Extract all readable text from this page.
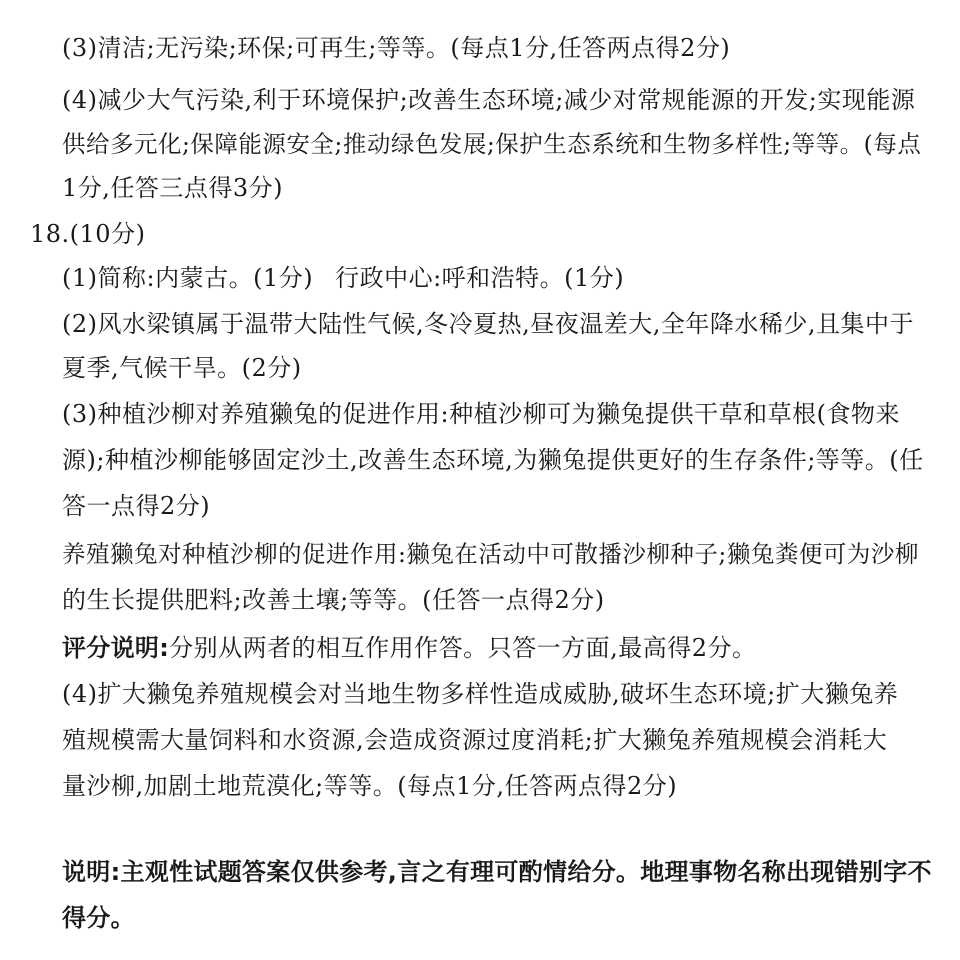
(3)清洁;无污染;环保;可再生;等等。(每点1分,任答两点得2分)
(4)减少大气污染,利于环境保护;改善生态环境;减少对常规能源的开发;实现能源
供给多元化;保障能源安全;推动绿色发展;保护生态系统和生物多样性;等等。(每点
1分,任答三点得3分)
18.(10分)
(1)简称:内蒙古。(1分) 行政中心:呼和浩特。(1分)
(2)风水梁镇属于温带大陆性气候,冬冷夏热,昼夜温差大,全年降水稀少,且集中于
夏季,气候干旱。(2分)
(3)种植沙柳对养殖獭兔的促进作用:种植沙柳可为獭兔提供干草和草根(食物来
源);种植沙柳能够固定沙土,改善生态环境,为獭兔提供更好的生存条件;等等。(任
答一点得2分)
养殖獭兔对种植沙柳的促进作用:獭兔在活动中可散播沙柳种子;獭兔粪便可为沙柳
的生长提供肥料;改善土壤;等等。(任答一点得2分)
评分说明:分别从两者的相互作用作答。只答一方面,最高得2分。
(4)扩大獭兔养殖规模会对当地生物多样性造成威胁,破坏生态环境;扩大獭兔养
殖规模需大量饲料和水资源,会造成资源过度消耗;扩大獭兔养殖规模会消耗大
量沙柳,加剧土地荒漠化;等等。(每点1分,任答两点得2分)
说明:主观性试题答案仅供参考,言之有理可酌情给分。地理事物名称出现错别字不
得分。
